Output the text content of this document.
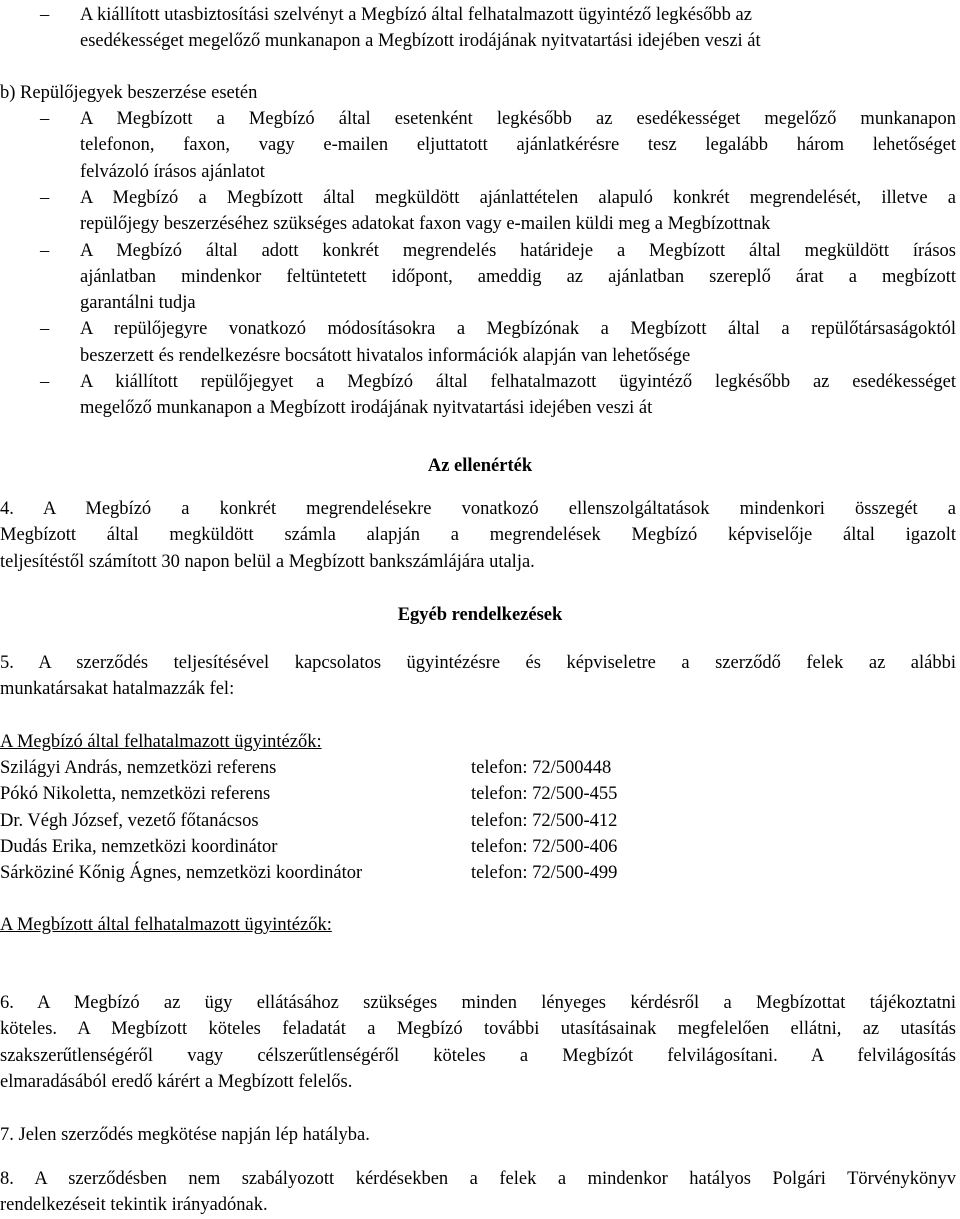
– A kiállított utasbiztosítási szelvényt a Megbízó által felhatalmazott ügyintéző legkésőbb az
esedékességet megelőző munkanapon a Megbízott irodájának nyitvatartási idejében veszi át
b) Repülőjegyek beszerzése esetén
– A Megbízott a Megbízó által esetenként legkésőbb az esedékességet megelőző munkanapon
telefonon, faxon, vagy e-mailen eljuttatott ajánlatkérésre tesz legalább három lehetőséget
felvázoló írásos ajánlatot
– A Megbízó a Megbízott által megküldött ajánlattételen alapuló konkrét megrendelését, illetve a
repülőjegy beszerzéséhez szükséges adatokat faxon vagy e-mailen küldi meg a Megbízottnak
– A Megbízó által adott konkrét megrendelés határideje a Megbízott által megküldött írásos
ajánlatban mindenkor feltüntetett időpont, ameddig az ajánlatban szereplő árat a megbízott
garantálni tudja
– A repülőjegyre vonatkozó módosításokra a Megbízónak a Megbízott által a repülőtársaságoktól
beszerzett és rendelkezésre bocsátott hivatalos információk alapján van lehetősége
– A kiállított repülőjegyet a Megbízó által felhatalmazott ügyintéző legkésőbb az esedékességet
megelőző munkanapon a Megbízott irodájának nyitvatartási idejében veszi át
Az ellenérték
4. A Megbízó a konkrét megrendelésekre vonatkozó ellenszolgáltatások mindenkori összegét a
Megbízott által megküldött számla alapján a megrendelések Megbízó képviselője által igazolt
teljesítéstől számított 30 napon belül a Megbízott bankszámlájára utalja.
Egyéb rendelkezések
5. A szerződés teljesítésével kapcsolatos ügyintézésre és képviseletre a szerződő felek az alábbi
munkatársakat hatalmazzák fel:
A Megbízó által felhatalmazott ügyintézők:
Szilágyi András, nemzetközi referens	telefon: 72/500448
Pókó Nikoletta, nemzetközi referens	telefon: 72/500-455
Dr. Végh József, vezető főtanácsos	telefon: 72/500-412
Dudás Erika, nemzetközi koordinátor	telefon: 72/500-406
Sárköziné Kőnig Ágnes, nemzetközi koordinátor	telefon: 72/500-499
A Megbízott által felhatalmazott ügyintézők:
6. A Megbízó az ügy ellátásához szükséges minden lényeges kérdésről a Megbízottat tájékoztatni
köteles. A Megbízott köteles feladatát a Megbízó további utasításainak megfelelően ellátni, az utasítás
szakszerűtlenségéről vagy célszerűtlenségéről köteles a Megbízót felvilágosítani. A felvilágosítás
elmaradásából eredő kárért a Megbízott felelős.
7. Jelen szerződés megkötése napján lép hatályba.
8. A szerződésben nem szabályozott kérdésekben a felek a mindenkor hatályos Polgári Törvénykönyv
rendelkezéseit tekintik irányadónak.
